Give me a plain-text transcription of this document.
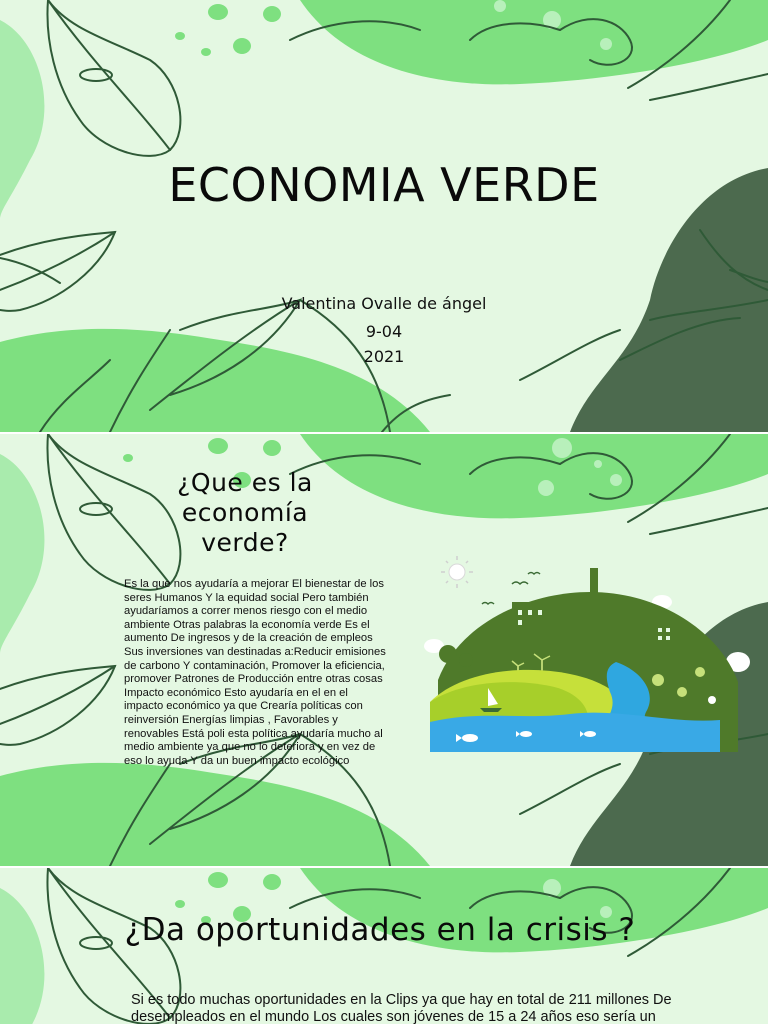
ECONOMIA VERDE
Valentina Ovalle de ángel
9-04
2021
¿Que es la economía verde?
Es la que nos ayudaría a mejorar El bienestar de los seres Humanos Y la equidad social Pero también ayudaríamos a correr menos riesgo con el medio ambiente Otras palabras la economía verde Es el aumento De ingresos y de la creación de empleos Sus inversiones van destinadas a:Reducir emisiones de carbono Y contaminación, Promover la eficiencia, promover Patrones de Producción entre otras cosas Impacto económico Esto ayudaría en el en el impacto económico ya que Crearía políticas con reinversión Energías limpias , Favorables y renovables Está poli esta política ayudaría mucho al medio ambiente ya que no lo deteriora y en vez de eso lo ayuda Y da un buen impacto ecológico
¿Da oportunidades en la crisis ?
Si es todo muchas oportunidades en la Clips ya que hay en total de 211 millones De desempleados en el mundo Los cuales son jóvenes de 15 a 24 años eso sería un
